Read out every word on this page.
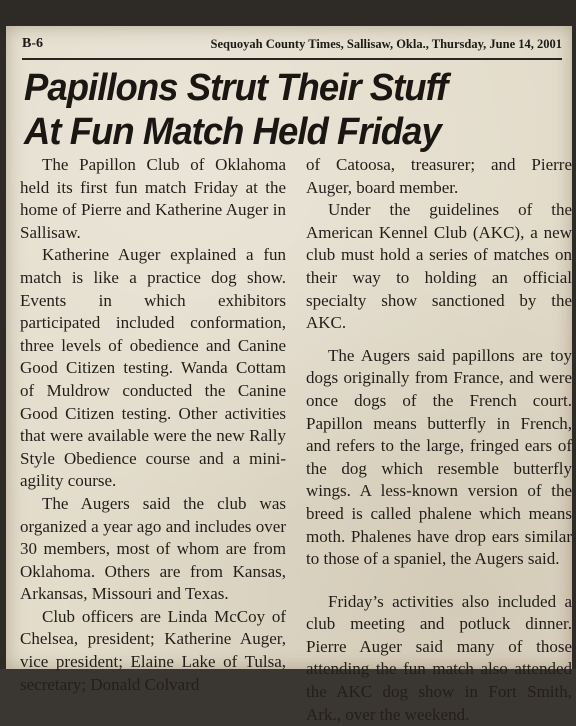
B-6	Sequoyah County Times, Sallisaw, Okla., Thursday, June 14, 2001
Papillons Strut Their Stuff
At Fun Match Held Friday

The Papillon Club of Oklahoma held its first fun match Friday at the home of Pierre and Katherine Auger in Sallisaw.

Katherine Auger explained a fun match is like a practice dog show. Events in which exhibitors participated included conformation, three levels of obedience and Canine Good Citizen testing. Wanda Cottam of Muldrow conducted the Canine Good Citizen testing. Other activities that were available were the new Rally Style Obedience course and a mini-agility course.

The Augers said the club was organized a year ago and includes over 30 members, most of whom are from Oklahoma. Others are from Kansas, Arkansas, Missouri and Texas.

Club officers are Linda McCoy of Chelsea, president; Katherine Auger, vice president; Elaine Lake of Tulsa, secretary; Donald Colvard

of Catoosa, treasurer; and Pierre Auger, board member.

Under the guidelines of the American Kennel Club (AKC), a new club must hold a series of matches on their way to holding an official specialty show sanctioned by the AKC.

The Augers said papillons are toy dogs originally from France, and were once dogs of the French court. Papillon means butterfly in French, and refers to the large, fringed ears of the dog which resemble butterfly wings. A less-known version of the breed is called phalene which means moth. Phalenes have drop ears similar to those of a spaniel, the Augers said.

Friday’s activities also included a club meeting and potluck dinner. Pierre Auger said many of those attending the fun match also attended the AKC dog show in Fort Smith, Ark., over the weekend.
